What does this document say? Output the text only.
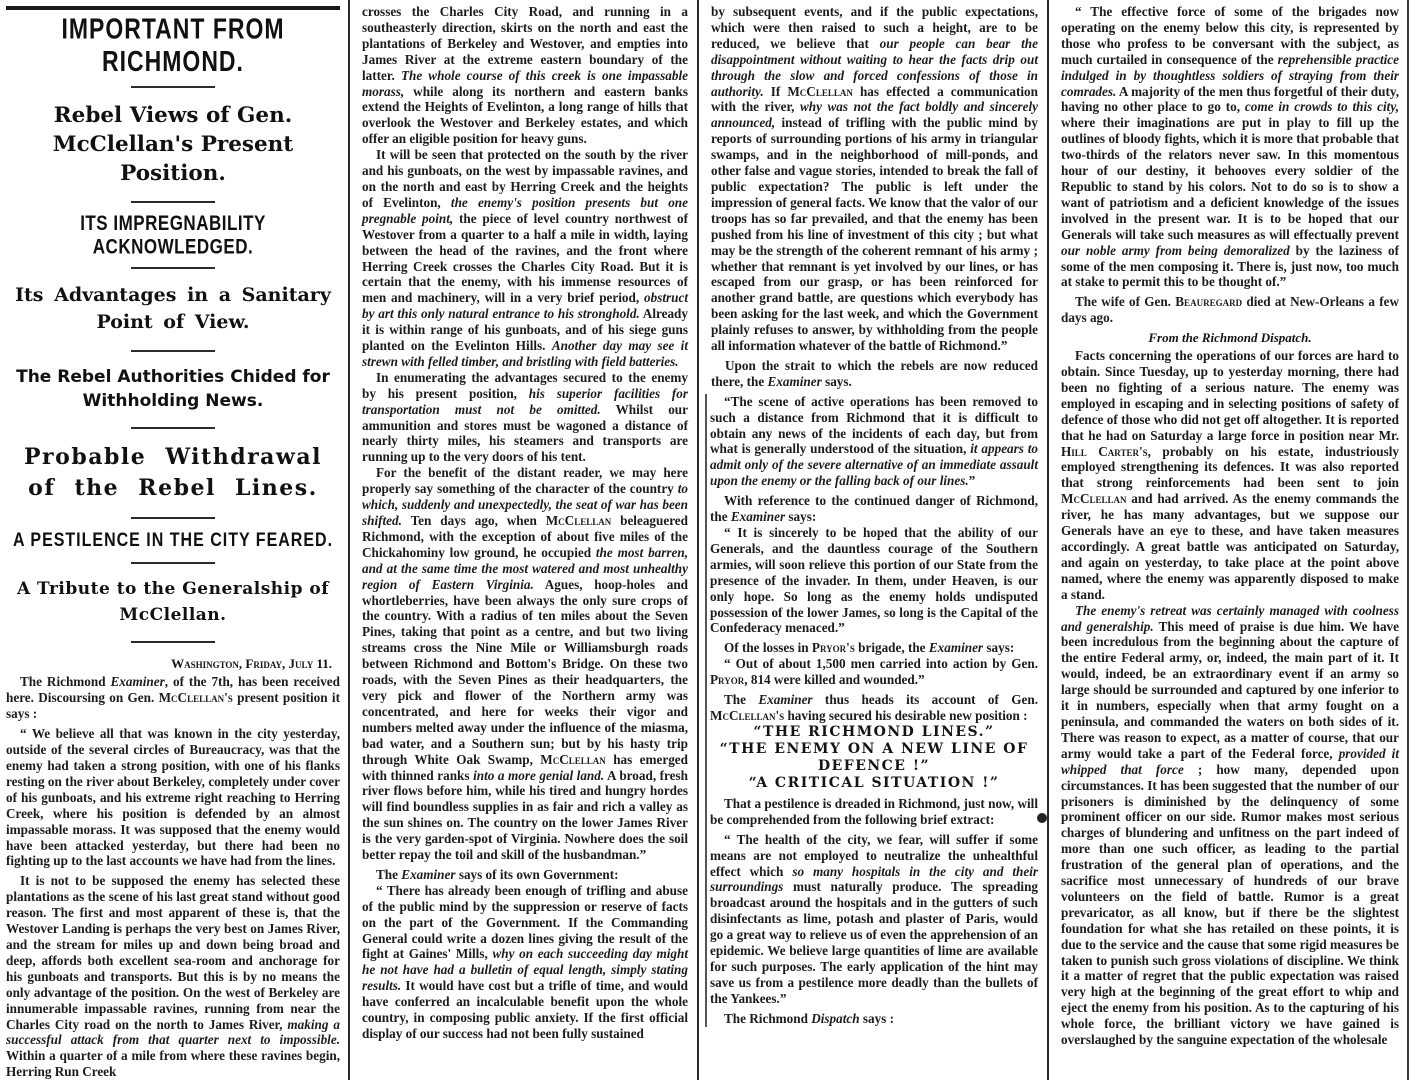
IMPORTANT FROM RICHMOND.
Rebel Views of Gen. McClellan's Present Position.
ITS IMPREGNABILITY ACKNOWLEDGED.
Its Advantages in a Sanitary Point of View.
The Rebel Authorities Chided for Withholding News.
Probable Withdrawal of the Rebel Lines.
A PESTILENCE IN THE CITY FEARED.
A Tribute to the Generalship of McClellan.
Washington, Friday, July 11.

The Richmond Examiner, of the 7th, has been received here. Discoursing on Gen. McClellan's present position it says :

“ We believe all that was known in the city yesterday, outside of the several circles of Bureaucracy, was that the enemy had taken a strong position, with one of his flanks resting on the river about Berkeley, completely under cover of his gunboats, and his extreme right reaching to Herring Creek, where his position is defended by an almost impassable morass. It was supposed that the enemy would have been attacked yesterday, but there had been no fighting up to the last accounts we have had from the lines.

It is not to be supposed the enemy has selected these plantations as the scene of his last great stand without good reason. The first and most apparent of these is, that the Westover Landing is perhaps the very best on James River, and the stream for miles up and down being broad and deep, affords both excellent sea-room and anchorage for his gunboats and transports. But this is by no means the only advantage of the position. On the west of Berkeley are innumerable impassable ravines, running from near the Charles City road on the north to James River, making a successful attack from that quarter next to impossible. Within a quarter of a mile from where these ravines begin, Herring Run Creek

crosses the Charles City Road, and running in a southeasterly direction, skirts on the north and east the plantations of Berkeley and Westover, and empties into James River at the extreme eastern boundary of the latter. The whole course of this creek is one impassable morass, while along its northern and eastern banks extend the Heights of Evelinton, a long range of hills that overlook the Westover and Berkeley estates, and which offer an eligible position for heavy guns.

It will be seen that protected on the south by the river and his gunboats, on the west by impassable ravines, and on the north and east by Herring Creek and the heights of Evelinton, the enemy's position presents but one pregnable point, the piece of level country northwest of Westover from a quarter to a half a mile in width, laying between the head of the ravines, and the front where Herring Creek crosses the Charles City Road. But it is certain that the enemy, with his immense resources of men and machinery, will in a very brief period, obstruct by art this only natural entrance to his stronghold. Already it is within range of his gunboats, and of his siege guns planted on the Evelinton Hills. Another day may see it strewn with felled timber, and bristling with field batteries.

In enumerating the advantages secured to the enemy by his present position, his superior facilities for transportation must not be omitted. Whilst our ammunition and stores must be wagoned a distance of nearly thirty miles, his steamers and transports are running up to the very doors of his tent.

For the benefit of the distant reader, we may here properly say something of the character of the country to which, suddenly and unexpectedly, the seat of war has been shifted. Ten days ago, when McClellan beleaguered Richmond, with the exception of about five miles of the Chickahominy low ground, he occupied the most barren, and at the same time the most watered and most unhealthy region of Eastern Virginia. Agues, hoop-holes and whortleberries, have been always the only sure crops of the country. With a radius of ten miles about the Seven Pines, taking that point as a centre, and but two living streams cross the Nine Mile or Williamsburgh roads between Richmond and Bottom's Bridge. On these two roads, with the Seven Pines as their headquarters, the very pick and flower of the Northern army was concentrated, and here for weeks their vigor and numbers melted away under the influence of the miasma, bad water, and a Southern sun; but by his hasty trip through White Oak Swamp, McClellan has emerged with thinned ranks into a more genial land. A broad, fresh river flows before him, while his tired and hungry hordes will find boundless supplies in as fair and rich a valley as the sun shines on. The country on the lower James River is the very garden-spot of Virginia. Nowhere does the soil better repay the toil and skill of the husbandman.”

The Examiner says of its own Government:

“ There has already been enough of trifling and abuse of the public mind by the suppression or reserve of facts on the part of the Government. If the Commanding General could write a dozen lines giving the result of the fight at Gaines' Mills, why on each succeeding day might he not have had a bulletin of equal length, simply stating results. It would have cost but a trifle of time, and would have conferred an incalculable benefit upon the whole country, in composing public anxiety. If the first official display of our success had not been fully sustained

by subsequent events, and if the public expectations, which were then raised to such a height, are to be reduced, we believe that our people can bear the disappointment without waiting to hear the facts drip out through the slow and forced confessions of those in authority. If McClellan has effected a communication with the river, why was not the fact boldly and sincerely announced, instead of trifling with the public mind by reports of surrounding portions of his army in triangular swamps, and in the neighborhood of mill-ponds, and other false and vague stories, intended to break the fall of public expectation? The public is left under the impression of general facts. We know that the valor of our troops has so far prevailed, and that the enemy has been pushed from his line of investment of this city ; but what may be the strength of the coherent remnant of his army ; whether that remnant is yet involved by our lines, or has escaped from our grasp, or has been reinforced for another grand battle, are questions which everybody has been asking for the last week, and which the Government plainly refuses to answer, by withholding from the people all information whatever of the battle of Richmond.”

Upon the strait to which the rebels are now reduced there, the Examiner says.

“The scene of active operations has been removed to such a distance from Richmond that it is difficult to obtain any news of the incidents of each day, but from what is generally understood of the situation, it appears to admit only of the severe alternative of an immediate assault upon the enemy or the falling back of our lines.”

With reference to the continued danger of Richmond, the Examiner says:

“ It is sincerely to be hoped that the ability of our Generals, and the dauntless courage of the Southern armies, will soon relieve this portion of our State from the presence of the invader. In them, under Heaven, is our only hope. So long as the enemy holds undisputed possession of the lower James, so long is the Capital of the Confederacy menaced.”

Of the losses in Pryor's brigade, the Examiner says:

“ Out of about 1,500 men carried into action by Gen. Pryor, 814 were killed and wounded.”

The Examiner thus heads its account of Gen. McClellan's having secured his desirable new position :

“THE RICHMOND LINES.”

“THE ENEMY ON A NEW LINE OF DEFENCE !”

“A CRITICAL SITUATION !”

That a pestilence is dreaded in Richmond, just now, will be comprehended from the following brief extract:

“ The health of the city, we fear, will suffer if some means are not employed to neutralize the unhealthful effect which so many hospitals in the city and their surroundings must naturally produce. The spreading broadcast around the hospitals and in the gutters of such disinfectants as lime, potash and plaster of Paris, would go a great way to relieve us of even the apprehension of an epidemic. We believe large quantities of lime are available for such purposes. The early application of the hint may save us from a pestilence more deadly than the bullets of the Yankees.”

The Richmond Dispatch says :

“ The effective force of some of the brigades now operating on the enemy below this city, is represented by those who profess to be conversant with the subject, as much curtailed in consequence of the reprehensible practice indulged in by thoughtless soldiers of straying from their comrades. A majority of the men thus forgetful of their duty, having no other place to go to, come in crowds to this city, where their imaginations are put in play to fill up the outlines of bloody fights, which it is more that probable that two-thirds of the relators never saw. In this momentous hour of our destiny, it behooves every soldier of the Republic to stand by his colors. Not to do so is to show a want of patriotism and a deficient knowledge of the issues involved in the present war. It is to be hoped that our Generals will take such measures as will effectually prevent our noble army from being demoralized by the laziness of some of the men composing it. There is, just now, too much at stake to permit this to be thought of.”

The wife of Gen. Beauregard died at New-Orleans a few days ago.

From the Richmond Dispatch.

Facts concerning the operations of our forces are hard to obtain. Since Tuesday, up to yesterday morning, there had been no fighting of a serious nature. The enemy was employed in escaping and in selecting positions of safety of defence of those who did not get off altogether. It is reported that he had on Saturday a large force in position near Mr. Hill Carter's, probably on his estate, industriously employed strengthening its defences. It was also reported that strong reinforcements had been sent to join McClellan and had arrived. As the enemy commands the river, he has many advantages, but we suppose our Generals have an eye to these, and have taken measures accordingly. A great battle was anticipated on Saturday, and again on yesterday, to take place at the point above named, where the enemy was apparently disposed to make a stand.

The enemy's retreat was certainly managed with coolness and generalship. This meed of praise is due him. We have been incredulous from the beginning about the capture of the entire Federal army, or, indeed, the main part of it. It would, indeed, be an extraordinary event if an army so large should be surrounded and captured by one inferior to it in numbers, especially when that army fought on a peninsula, and commanded the waters on both sides of it. There was reason to expect, as a matter of course, that our army would take a part of the Federal force, provided it whipped that force ; how many, depended upon circumstances. It has been suggested that the number of our prisoners is diminished by the delinquency of some prominent officer on our side. Rumor makes most serious charges of blundering and unfitness on the part indeed of more than one such officer, as leading to the partial frustration of the general plan of operations, and the sacrifice most unnecessary of hundreds of our brave volunteers on the field of battle. Rumor is a great prevaricator, as all know, but if there be the slightest foundation for what she has retailed on these points, it is due to the service and the cause that some rigid measures be taken to punish such gross violations of discipline. We think it a matter of regret that the public expectation was raised very high at the beginning of the great effort to whip and eject the enemy from his position. As to the capturing of his whole force, the brilliant victory we have gained is overslaughed by the sanguine expectation of the wholesale
